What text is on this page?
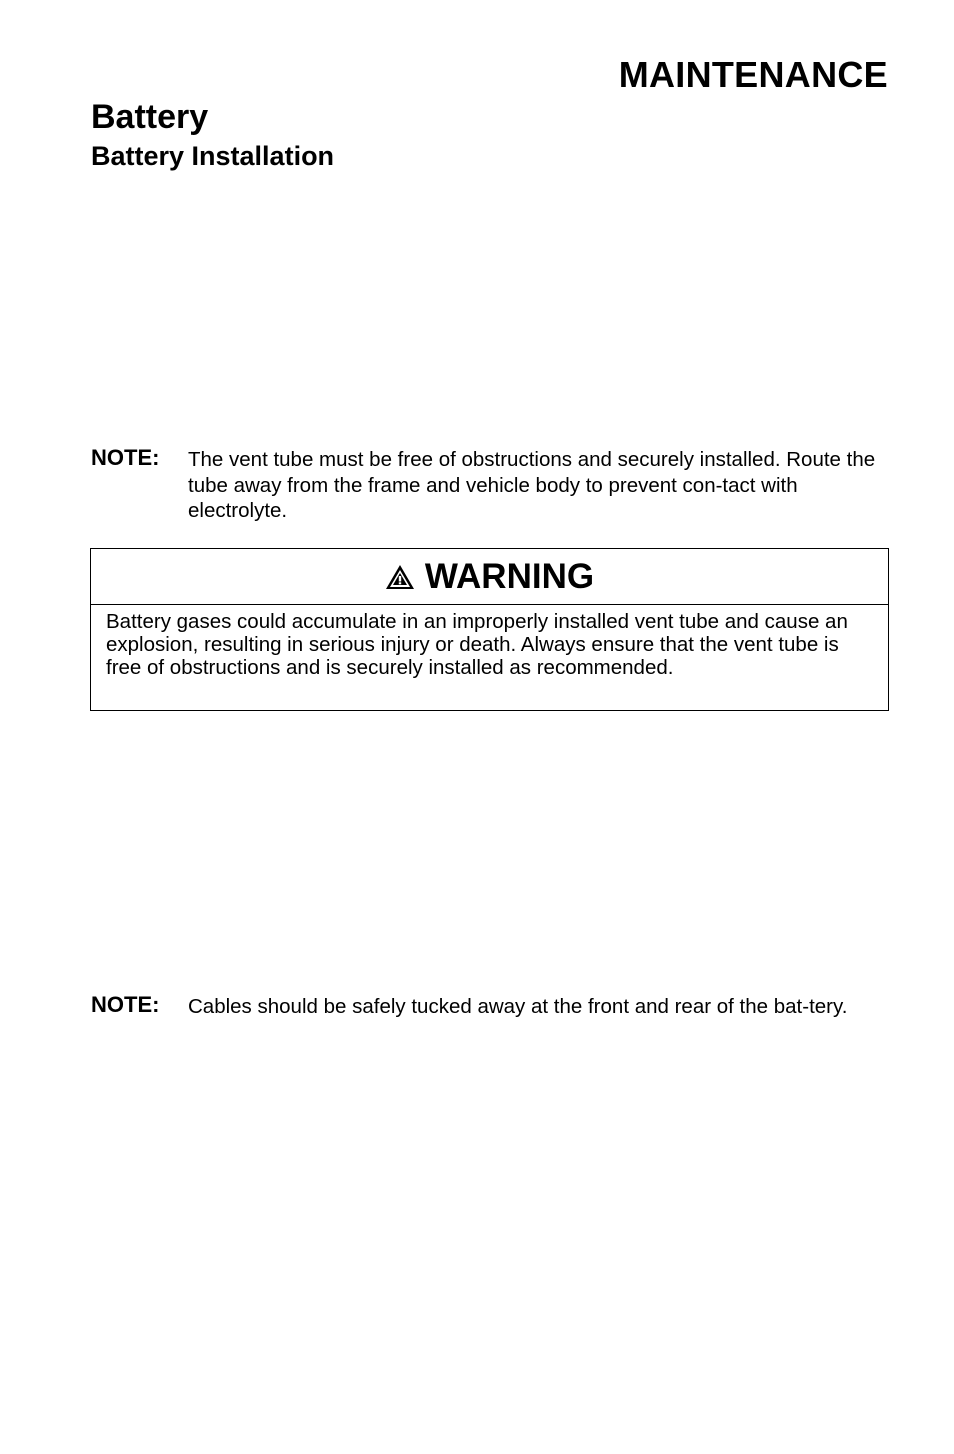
MAINTENANCE
Battery
Battery Installation
NOTE: The vent tube must be free of obstructions and securely installed. Route the tube away from the frame and vehicle body to prevent con-tact with electrolyte.
WARNING
Battery gases could accumulate in an improperly installed vent tube and cause an explosion, resulting in serious injury or death. Always ensure that the vent tube is free of obstructions and is securely installed as recommended.
NOTE: Cables should be safely tucked away at the front and rear of the bat-tery.
